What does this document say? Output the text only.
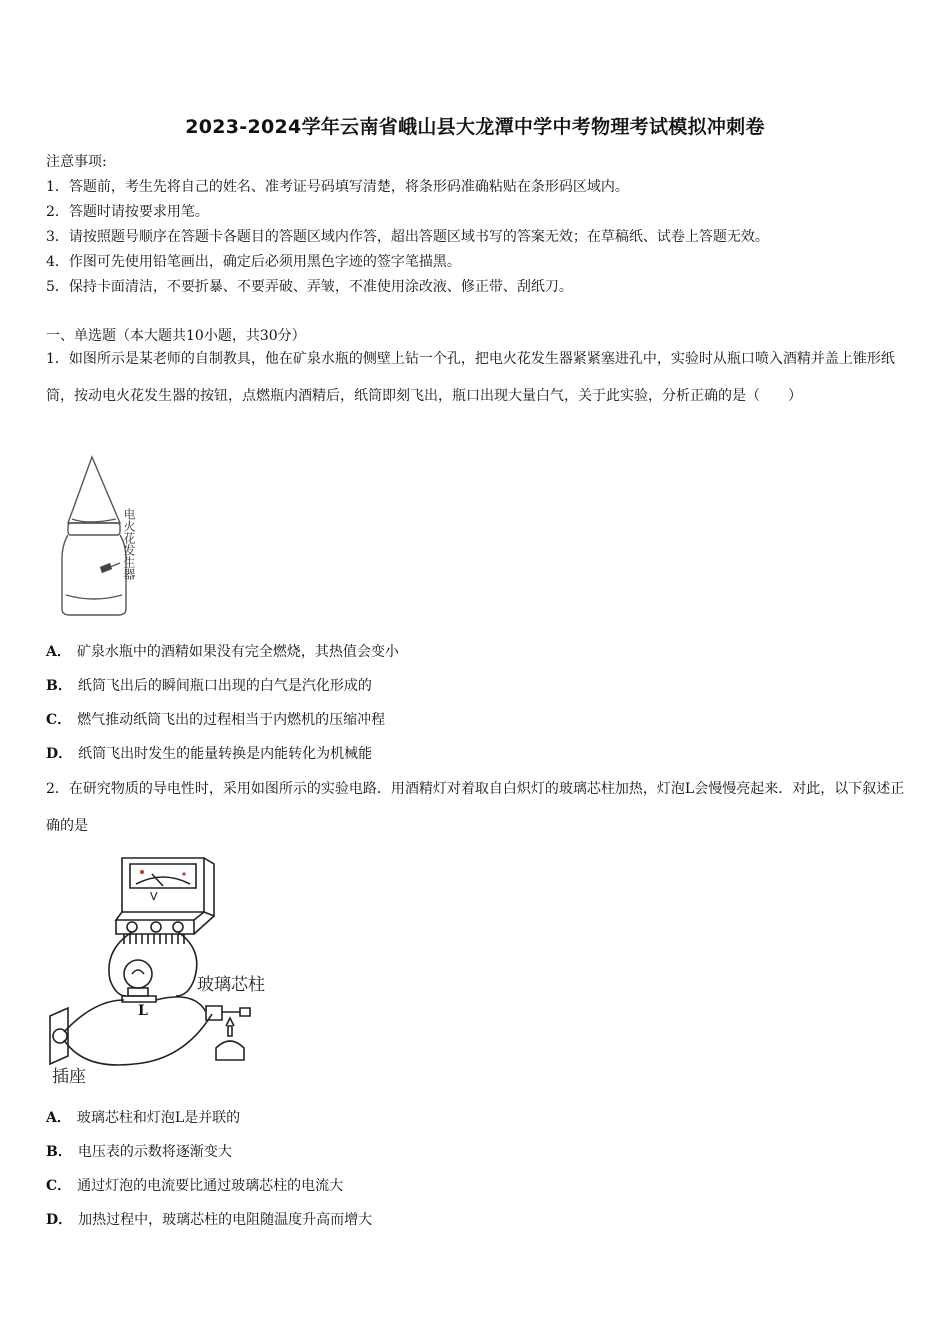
2023-2024学年云南省峨山县大龙潭中学中考物理考试模拟冲刺卷
注意事项:
1．答题前，考生先将自己的姓名、准考证号码填写清楚，将条形码准确粘贴在条形码区域内。
2．答题时请按要求用笔。
3．请按照题号顺序在答题卡各题目的答题区域内作答，超出答题区域书写的答案无效；在草稿纸、试卷上答题无效。
4．作图可先使用铅笔画出，确定后必须用黑色字迹的签字笔描黑。
5．保持卡面清洁，不要折暴、不要弄破、弄皱，不准使用涂改液、修正带、刮纸刀。
一、单选题（本大题共10小题，共30分）
1．如图所示是某老师的自制教具，他在矿泉水瓶的侧壁上钻一个孔，把电火花发生器紧紧塞进孔中，实验时从瓶口喷入酒精并盖上锥形纸筒，按动电火花发生器的按钮，点燃瓶内酒精后，纸筒即刻飞出，瓶口出现大量白气，关于此实验，分析正确的是（　　）
电火花发生器
A． 矿泉水瓶中的酒精如果没有完全燃烧，其热值会变小
B． 纸筒飞出后的瞬间瓶口出现的白气是汽化形成的
C． 燃气推动纸筒飞出的过程相当于内燃机的压缩冲程
D． 纸筒飞出时发生的能量转换是内能转化为机械能
2．在研究物质的导电性时，采用如图所示的实验电路．用酒精灯对着取自白炽灯的玻璃芯柱加热，灯泡L会慢慢亮起来．对此，以下叙述正确的是
V
玻璃芯柱
L
插座
A． 玻璃芯柱和灯泡L是并联的
B． 电压表的示数将逐渐变大
C． 通过灯泡的电流要比通过玻璃芯柱的电流大
D． 加热过程中，玻璃芯柱的电阻随温度升高而增大
